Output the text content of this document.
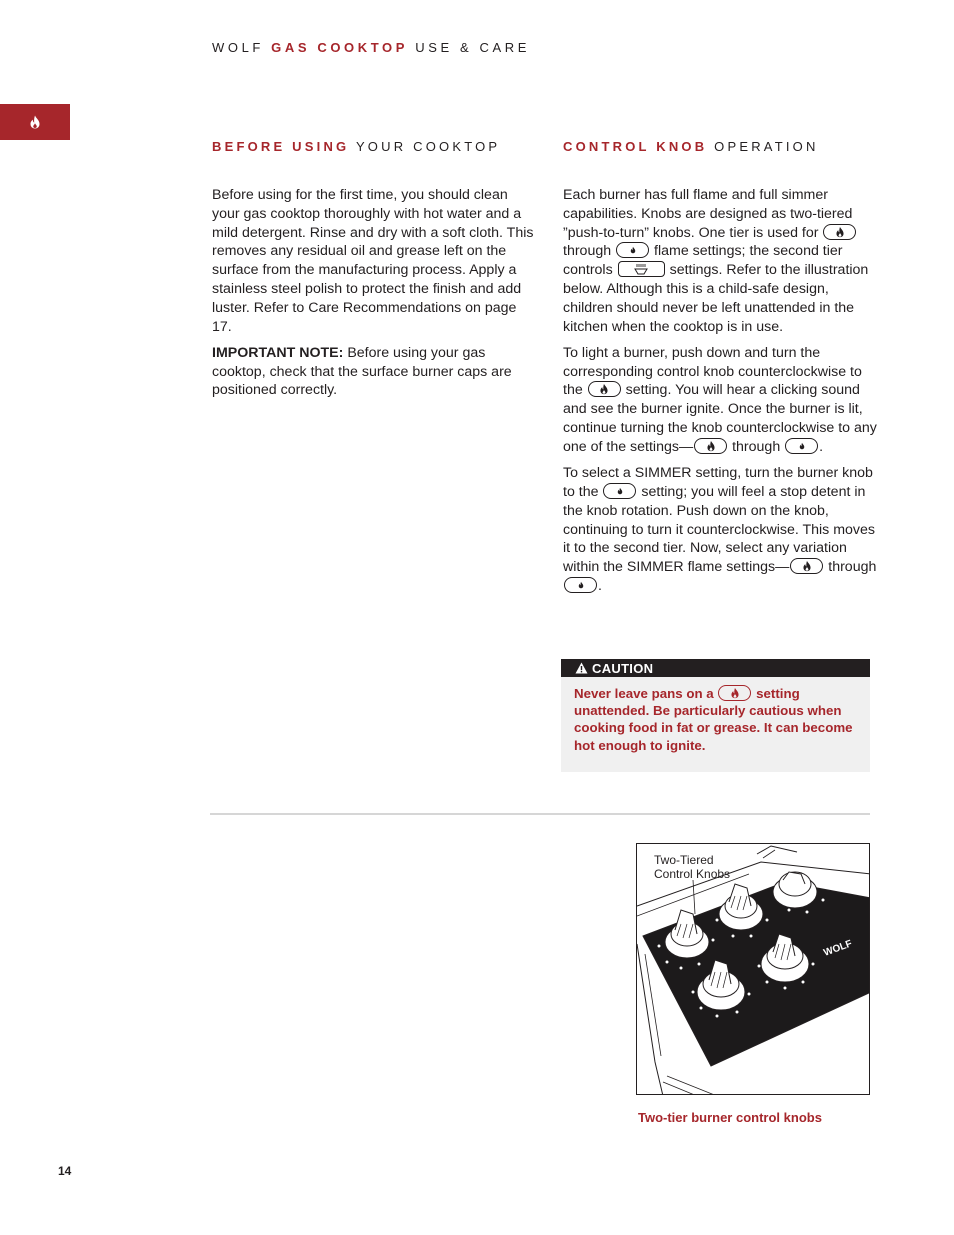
WOLF GAS COOKTOP USE & CARE
BEFORE USING YOUR COOKTOP	CONTROL KNOB OPERATION

Before using for the first time, you should clean your gas cooktop thoroughly with hot water and a mild detergent. Rinse and dry with a soft cloth. This removes any residual oil and grease left on the surface from the manufacturing process. Apply a stainless steel polish to protect the finish and add luster. Refer to Care Recommendations on page 17.

IMPORTANT NOTE: Before using your gas cooktop, check that the surface burner caps are positioned correctly.

Each burner has full flame and full simmer capabilities. Knobs are designed as two-tiered ”push-to-turn” knobs. One tier is used for
through	flame settings; the second tier controls	settings. Refer to the illustration below. Although this is a child-safe design, children should never be left unattended in the kitchen when the cooktop is in use.

To light a burner, push down and turn the corresponding control knob counterclockwise to the	setting. You will hear a clicking sound and see the burner ignite. Once the burner is lit, continue turning the knob counterclockwise to any one of the settings—	through	.

To select a SIMMER setting, turn the burner knob to the	setting; you will feel a stop detent in the knob rotation. Push down on the knob, continuing to turn it counterclockwise. This moves it to the second tier. Now, select any variation within the SIMMER flame settings—	through
.

CAUTION
Never leave pans on a	setting unattended. Be particularly cautious when cooking food in fat or grease. It can become hot enough to ignite.
Two-Tiered
Control Knobs
WOLF
Two-tier burner control knobs
14
